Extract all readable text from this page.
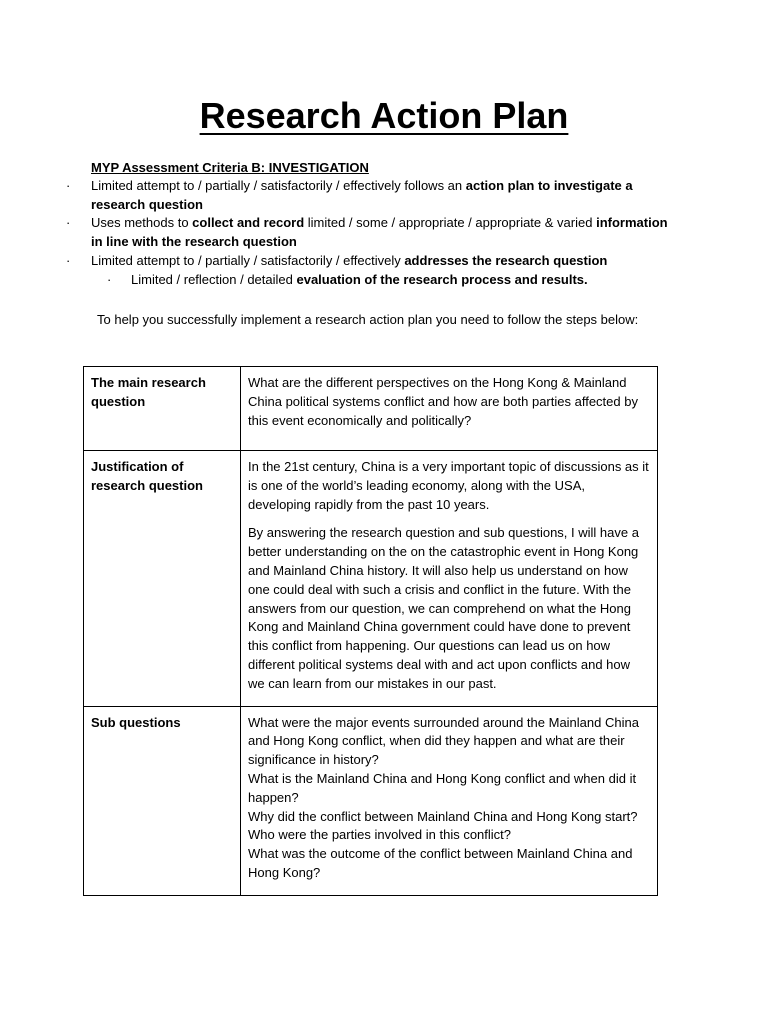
Research Action Plan
MYP Assessment Criteria B: INVESTIGATION
· Limited attempt to / partially / satisfactorily / effectively follows an action plan to investigate a research question
· Uses methods to collect and record limited / some / appropriate / appropriate & varied information in line with the research question
· Limited attempt to / partially / satisfactorily / effectively addresses the research question
· Limited / reflection / detailed evaluation of the research process and results.

To help you successfully implement a research action plan you need to follow the steps below:

The main research question	What are the different perspectives on the Hong Kong & Mainland China political systems conflict and how are both parties affected by this event economically and politically?

Justification of research question	In the 21st century, China is a very important topic of discussions as it is one of the world’s leading economy, along with the USA, developing rapidly from the past 10 years.

By answering the research question and sub questions, I will have a better understanding on the on the catastrophic event in Hong Kong and Mainland China history. It will also help us understand on how one could deal with such a crisis and conflict in the future. With the answers from our question, we can comprehend on what the Hong Kong and Mainland China government could have done to prevent this conflict from happening. Our questions can lead us on how different political systems deal with and act upon conflicts and how we can learn from our mistakes in our past.

Sub questions	What were the major events surrounded around the Mainland China and Hong Kong conflict, when did they happen and what are their significance in history?
What is the Mainland China and Hong Kong conflict and when did it happen?
Why did the conflict between Mainland China and Hong Kong start?
Who were the parties involved in this conflict?
What was the outcome of the conflict between Mainland China and Hong Kong?
